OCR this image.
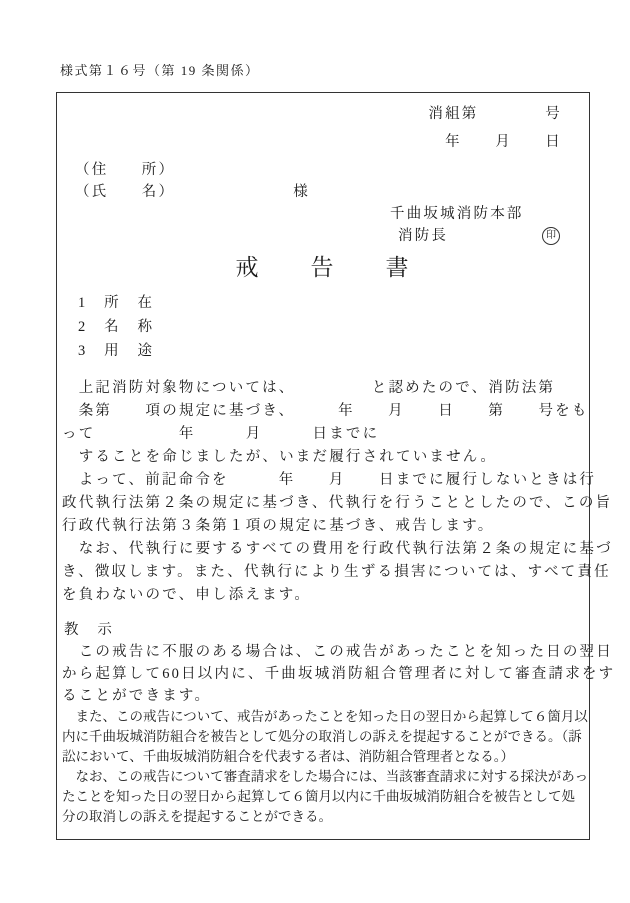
様式第１６号（第 19 条関係）
消組第　　　　号
年　　月　　日
（住　　所）
（氏　　名）	様
千曲坂城消防本部
消防長	印
戒　　告　　書
1　所　在
2　名　称
3　用　途
　上記消防対象物については、　　　　　と認めたので、消防法第
　条第　　項の規定に基づき、　　　年　　月　　日　　第　　号をも
って　　　　　年　　　月　　　日までに
　することを命じましたが、いまだ履行されていません。
　よって、前記命令を　　　年　　月　　日までに履行しないときは行
政代執行法第２条の規定に基づき、代執行を行うこととしたので、この旨
行政代執行法第３条第１項の規定に基づき、戒告します。
　なお、代執行に要するすべての費用を行政代執行法第２条の規定に基づ
き、徴収します。また、代執行により生ずる損害については、すべて責任
を負わないので、申し添えます。
教　示
　この戒告に不服のある場合は、この戒告があったことを知った日の翌日
から起算して60日以内に、千曲坂城消防組合管理者に対して審査請求をす
ることができます。
　また、この戒告について、戒告があったことを知った日の翌日から起算して６箇月以
内に千曲坂城消防組合を被告として処分の取消しの訴えを提起することができる。（訴
訟において、千曲坂城消防組合を代表する者は、消防組合管理者となる。）
　なお、この戒告について審査請求をした場合には、当該審査請求に対する採決があっ
たことを知った日の翌日から起算して６箇月以内に千曲坂城消防組合を被告として処
分の取消しの訴えを提起することができる。
